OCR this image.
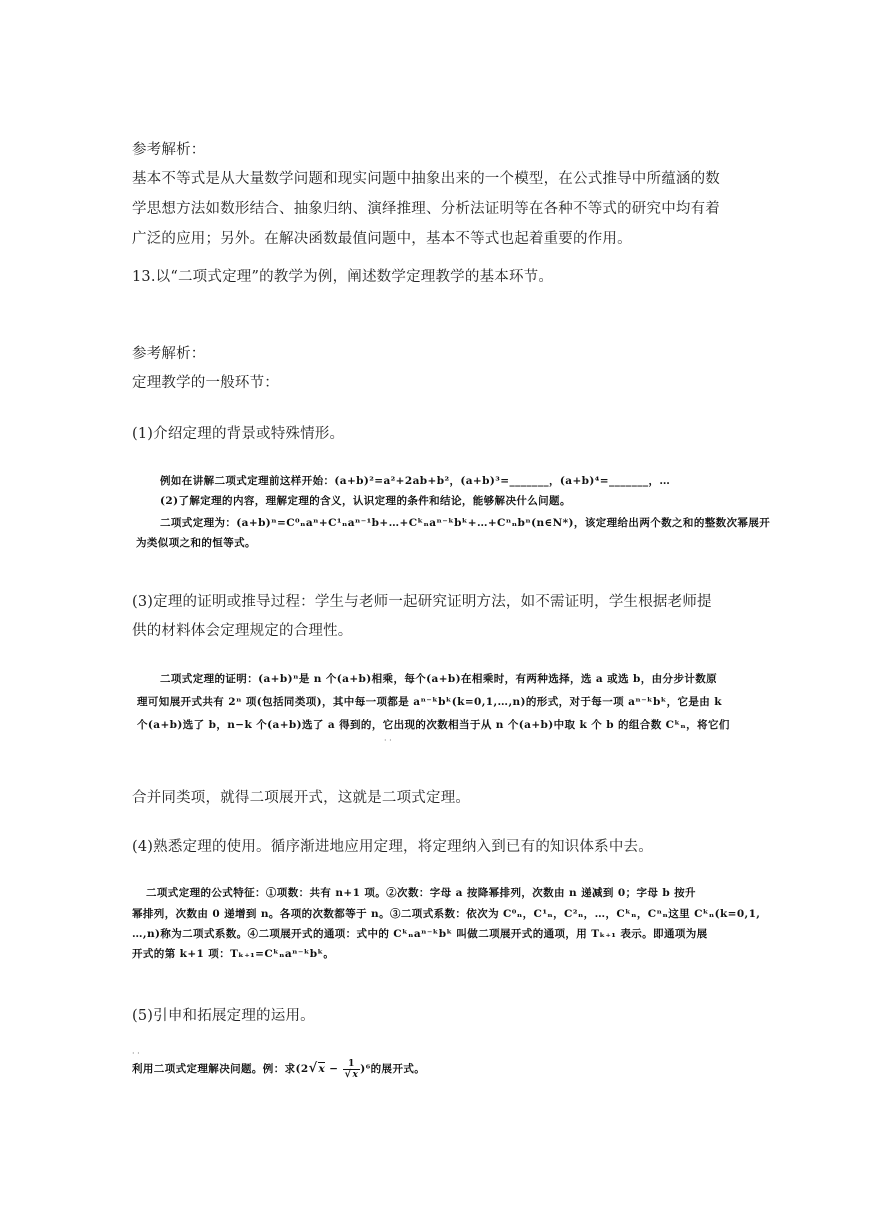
参考解析：
基本不等式是从大量数学问题和现实问题中抽象出来的一个模型，在公式推导中所蕴涵的数
学思想方法如数形结合、抽象归纳、演绎推理、分析法证明等在各种不等式的研究中均有着
广泛的应用；另外。在解决函数最值问题中，基本不等式也起着重要的作用。
13.以“二项式定理”的教学为例，阐述数学定理教学的基本环节。
参考解析：
定理教学的一般环节：
(1)介绍定理的背景或特殊情形。
例如在讲解二项式定理前这样开始：(a+b)²=a²+2ab+b²，(a+b)³=_______，(a+b)⁴=_______，…
(2)了解定理的内容，理解定理的含义，认识定理的条件和结论，能够解决什么问题。
二项式定理为：(a+b)ⁿ=C⁰ₙaⁿ+C¹ₙaⁿ⁻¹b+…+Cᵏₙaⁿ⁻ᵏbᵏ+…+Cⁿₙbⁿ(n∈N*)，该定理给出两个数之和的整数次幂展开
为类似项之和的恒等式。
(3)定理的证明或推导过程：学生与老师一起研究证明方法，如不需证明，学生根据老师提
供的材料体会定理规定的合理性。
二项式定理的证明：(a+b)ⁿ是 n 个(a+b)相乘，每个(a+b)在相乘时，有两种选择，选 a 或选 b，由分步计数原
理可知展开式共有 2ⁿ 项(包括同类项)，其中每一项都是 aⁿ⁻ᵏbᵏ(k=0,1,…,n)的形式，对于每一项 aⁿ⁻ᵏbᵏ，它是由 k
个(a+b)选了 b，n−k 个(a+b)选了 a 得到的，它出现的次数相当于从 n 个(a+b)中取 k 个 b 的组合数 Cᵏₙ，将它们
· ·
合并同类项，就得二项展开式，这就是二项式定理。
(4)熟悉定理的使用。循序渐进地应用定理，将定理纳入到已有的知识体系中去。
二项式定理的公式特征：①项数：共有 n+1 项。②次数：字母 a 按降幂排列，次数由 n 递减到 0；字母 b 按升
幂排列，次数由 0 递增到 n。各项的次数都等于 n。③二项式系数：依次为 C⁰ₙ，C¹ₙ，C²ₙ，…，Cᵏₙ，Cⁿₙ这里 Cᵏₙ(k=0,1,
…,n)称为二项式系数。④二项展开式的通项：式中的 Cᵏₙaⁿ⁻ᵏbᵏ 叫做二项展开式的通项，用 Tₖ₊₁ 表示。即通项为展
开式的第 k+1 项：Tₖ₊₁=Cᵏₙaⁿ⁻ᵏbᵏ。
(5)引申和拓展定理的运用。
· ·
利用二项式定理解决问题。例：求$(2√x - \frac{1}{√x} )^6$的展开式。
